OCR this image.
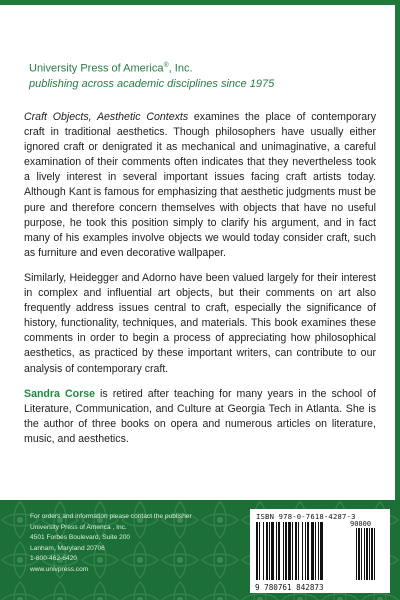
University Press of America®, Inc.
publishing across academic disciplines since 1975

Craft Objects, Aesthetic Contexts examines the place of contemporary craft in traditional aesthetics. Though philosophers have usually either ignored craft or denigrated it as mechanical and unimaginative, a careful examination of their comments often indicates that they nevertheless took a lively interest in several important issues facing craft artists today. Although Kant is famous for emphasizing that aesthetic judgments must be pure and therefore concern themselves with objects that have no useful purpose, he took this position simply to clarify his argument, and in fact many of his examples involve objects we would today consider craft, such as furniture and even decorative wallpaper.

Similarly, Heidegger and Adorno have been valued largely for their interest in complex and influential art objects, but their comments on art also frequently address issues central to craft, especially the significance of history, functionality, techniques, and materials. This book examines these comments in order to begin a process of appreciating how philosophical aesthetics, as practiced by these important writers, can contribute to our analysis of contemporary craft.

Sandra Corse is retired after teaching for many years in the school of Literature, Communication, and Culture at Georgia Tech in Atlanta. She is the author of three books on opera and numerous articles on literature, music, and aesthetics.

For orders and information please contact the publisher
University Press of America , Inc.
4501 Forbes Boulevard, Suite 200
Lanham, Maryland 20706
1-800-462-6420
www.univpress.com
ISBN 978-0-7618-4287-3
90000
9 780761 842873
